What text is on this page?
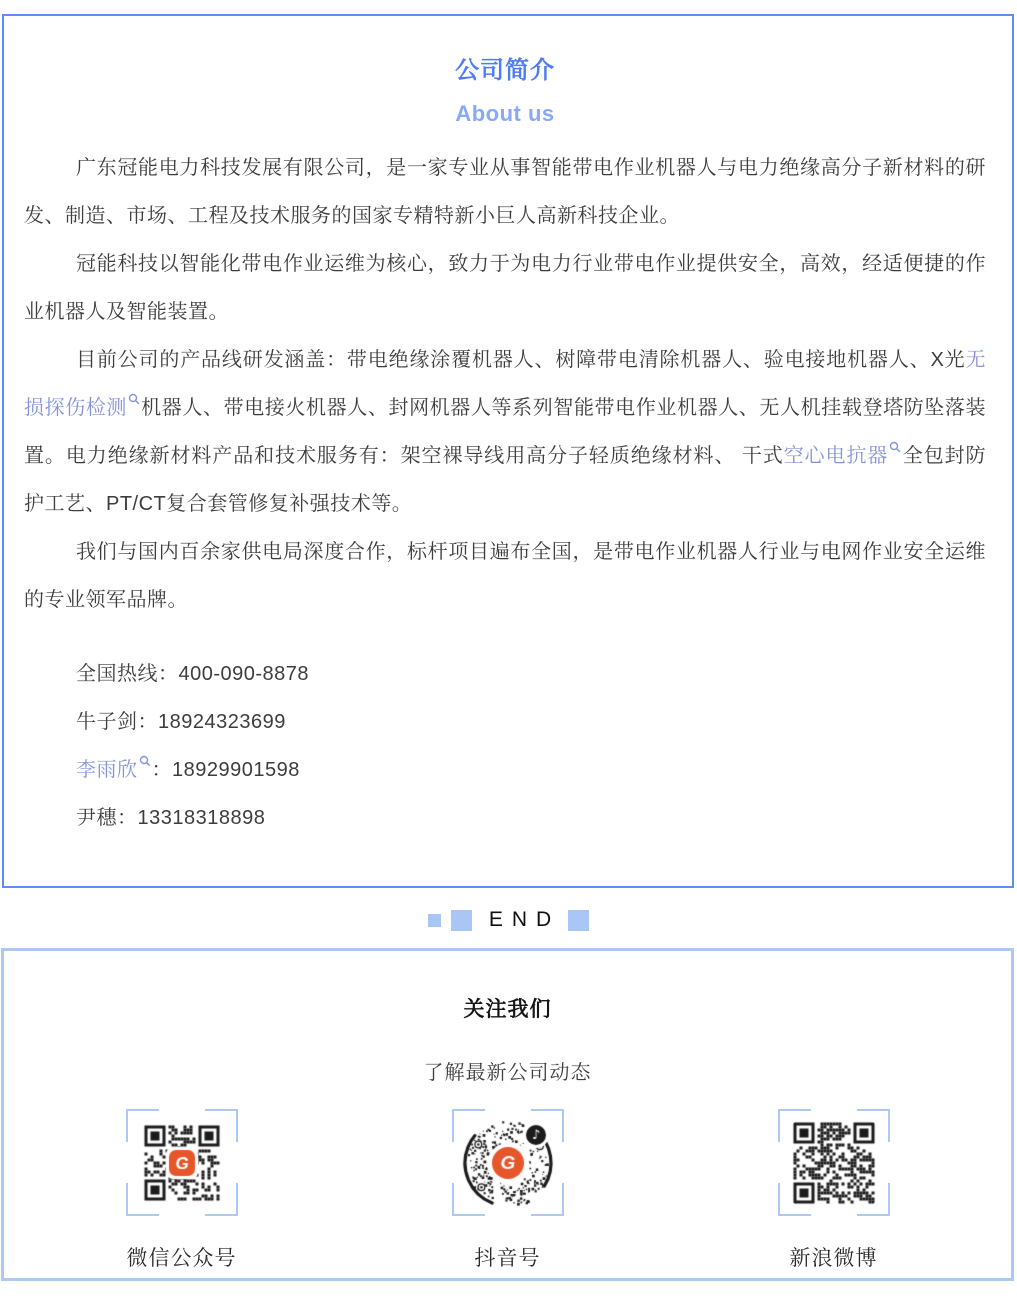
公司简介
About us

广东冠能电力科技发展有限公司，是一家专业从事智能带电作业机器人与电力绝缘高分子新材料的研发、制造、市场、工程及技术服务的国家专精特新小巨人高新科技企业。

冠能科技以智能化带电作业运维为核心，致力于为电力行业带电作业提供安全，高效，经适便捷的作业机器人及智能装置。

目前公司的产品线研发涵盖：带电绝缘涂覆机器人、树障带电清除机器人、验电接地机器人、X光无损探伤检测 机器人、带电接火机器人、封网机器人等系列智能带电作业机器人、无人机挂载登塔防坠落装置。电力绝缘新材料产品和技术服务有：架空裸导线用高分子轻质绝缘材料、 干式空心电抗器 全包封防护工艺、PT/CT复合套管修复补强技术等。

我们与国内百余家供电局深度合作，标杆项目遍布全国，是带电作业机器人行业与电网作业安全运维的专业领军品牌。

全国热线：400-090-8878

牛子剑：18924323699

李雨欣 ：18929901598

尹穗：13318318898

END
关注我们
了解最新公司动态
微信公众号	抖音号	新浪微博
